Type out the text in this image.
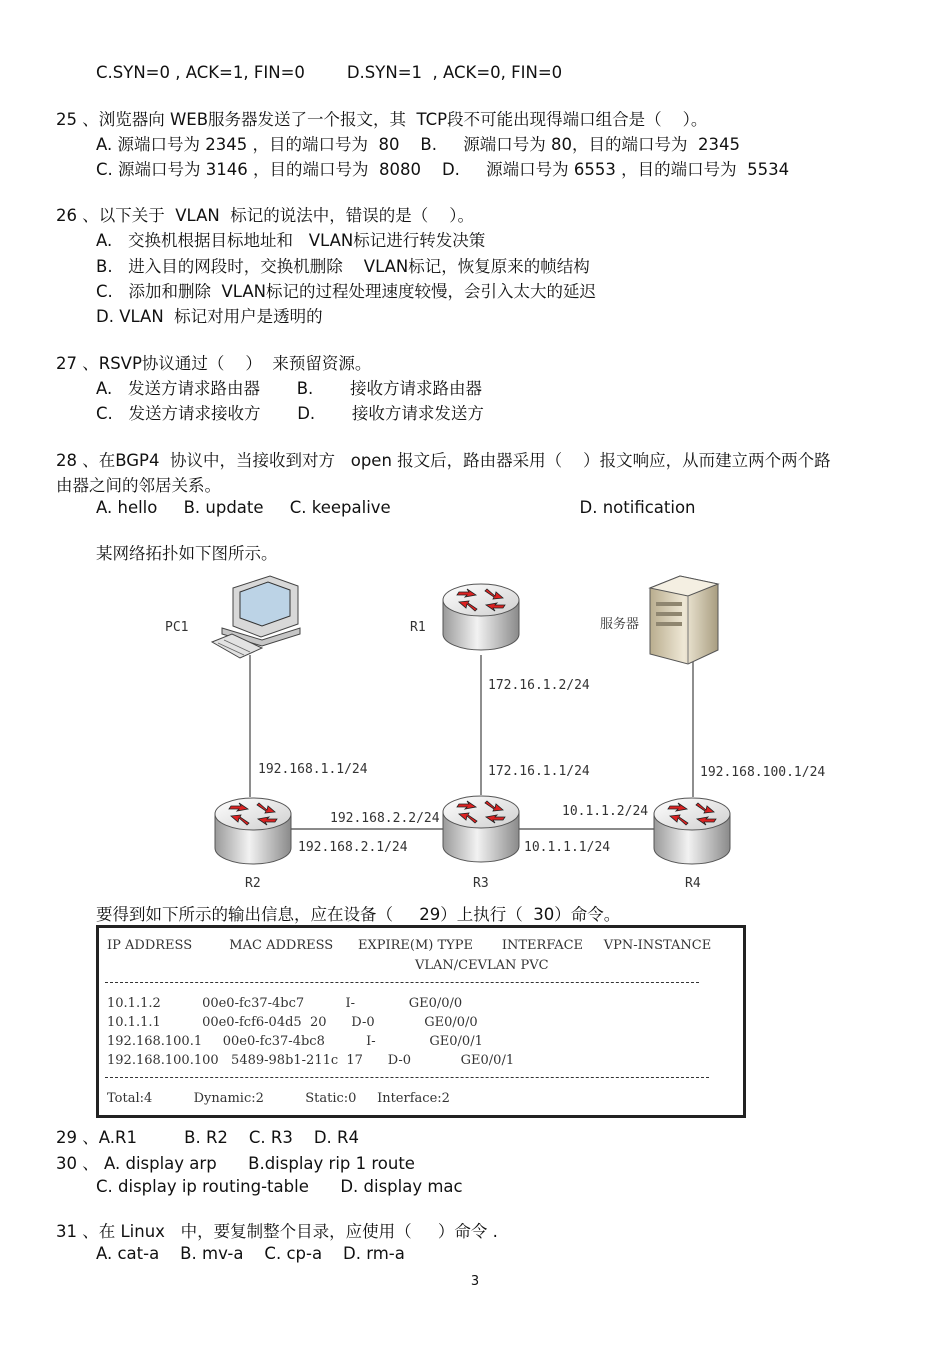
C.SYN=0 , ACK=1, FIN=0        D.SYN=1  , ACK=0, FIN=0
25 、浏览器向 WEB服务器发送了一个报文，其  TCP段不可能出现得端口组合是（    ）。
A. 源端口号为 2345 ，目的端口号为  80    B.     源端口号为 80，目的端口号为  2345
C. 源端口号为 3146 ，目的端口号为  8080    D.     源端口号为 6553 ，目的端口号为  5534
26 、以下关于  VLAN  标记的说法中，错误的是（    ）。
A.   交换机根据目标地址和   VLAN标记进行转发决策
B.   进入目的网段时，交换机删除    VLAN标记，恢复原来的帧结构
C.   添加和删除  VLAN标记的过程处理速度较慢，会引入太大的延迟
D. VLAN  标记对用户是透明的
27 、RSVP协议通过（    ）  来预留资源。
A.   发送方请求路由器       B.       接收方请求路由器
C.   发送方请求接收方       D.       接收方请求发送方
28 、在BGP4  协议中，当接收到对方   open 报文后，路由器采用（    ）报文响应，从而建立两个两个路
由器之间的邻居关系。
A. hello     B. update     C. keepalive                                    D. notification
某网络拓扑如下图所示。
PC1	R1	服务器
R2	R3	R4
172.16.1.2/24
192.168.1.1/24	172.16.1.1/24	192.168.100.1/24
192.168.2.2/24	10.1.1.2/24
192.168.2.1/24	10.1.1.1/24
要得到如下所示的输出信息，应在设备（     29）上执行（  30）命令。
IP ADDRESS         MAC ADDRESS      EXPIRE(M) TYPE       INTERFACE     VPN-INSTANCE
VLAN/CEVLAN PVC
10.1.1.2          00e0-fc37-4bc7          I-             GE0/0/0
10.1.1.1          00e0-fcf6-04d5  20      D-0            GE0/0/0
192.168.100.1     00e0-fc37-4bc8          I-             GE0/0/1
192.168.100.100   5489-98b1-211c  17      D-0            GE0/0/1
Total:4          Dynamic:2          Static:0     Interface:2
29 、A.R1         B. R2    C. R3    D. R4
30 、 A. display arp      B.display rip 1 route
C. display ip routing-table      D. display mac
31 、在 Linux   中，要复制整个目录，应使用（     ）命令 .
A. cat-a    B. mv-a    C. cp-a    D. rm-a
3
